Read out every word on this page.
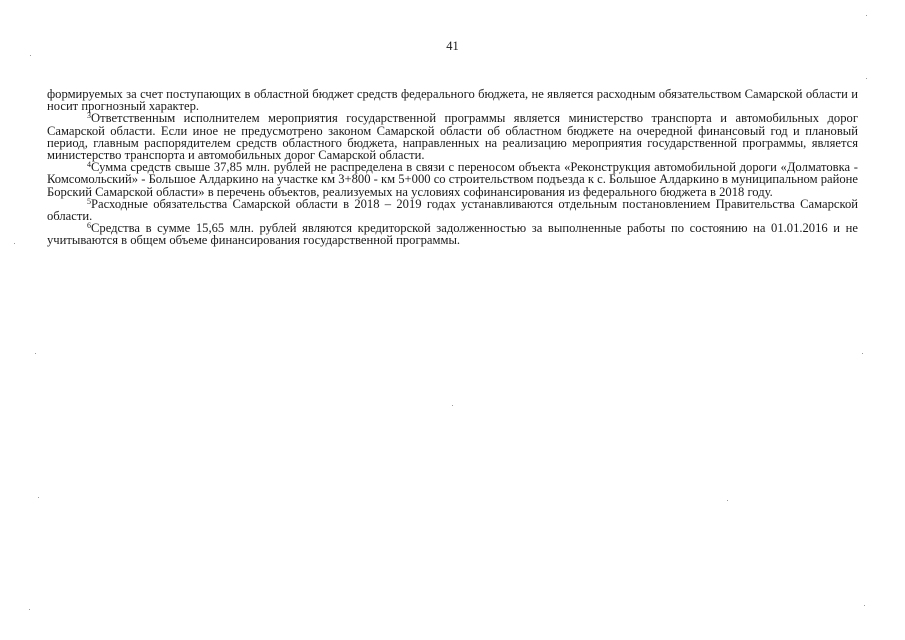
41

формируемых за счет поступающих в областной бюджет средств федерального бюджета, не является расходным обязательством Самарской области и носит прогнозный характер.

$^3$Ответственным исполнителем мероприятия государственной программы является министерство транспорта и автомобильных дорог Самарской области. Если иное не предусмотрено законом Самарской области об областном бюджете на очередной финансовый год и плановый период, главным распорядителем средств областного бюджета, направленных на реализацию мероприятия государственной программы, является министерство транспорта и автомобильных дорог Самарской области.

$^4$Сумма средств свыше 37,85 млн. рублей не распределена в связи с переносом объекта «Реконструкция автомобильной дороги «Долматовка - Комсомольский» - Большое Алдаркино на участке км 3+800 - км 5+000 со строительством подъезда к с. Большое Алдаркино в муниципальном районе Борский Самарской области» в перечень объектов, реализуемых на условиях софинансирования из федерального бюджета в 2018 году.

$^5$Расходные обязательства Самарской области в 2018 – 2019 годах устанавливаются отдельным постановлением Правительства Самарской области.

$^6$Средства в сумме 15,65 млн. рублей являются кредиторской задолженностью за выполненные работы по состоянию на 01.01.2016 и не учитываются в общем объеме финансирования государственной программы.
